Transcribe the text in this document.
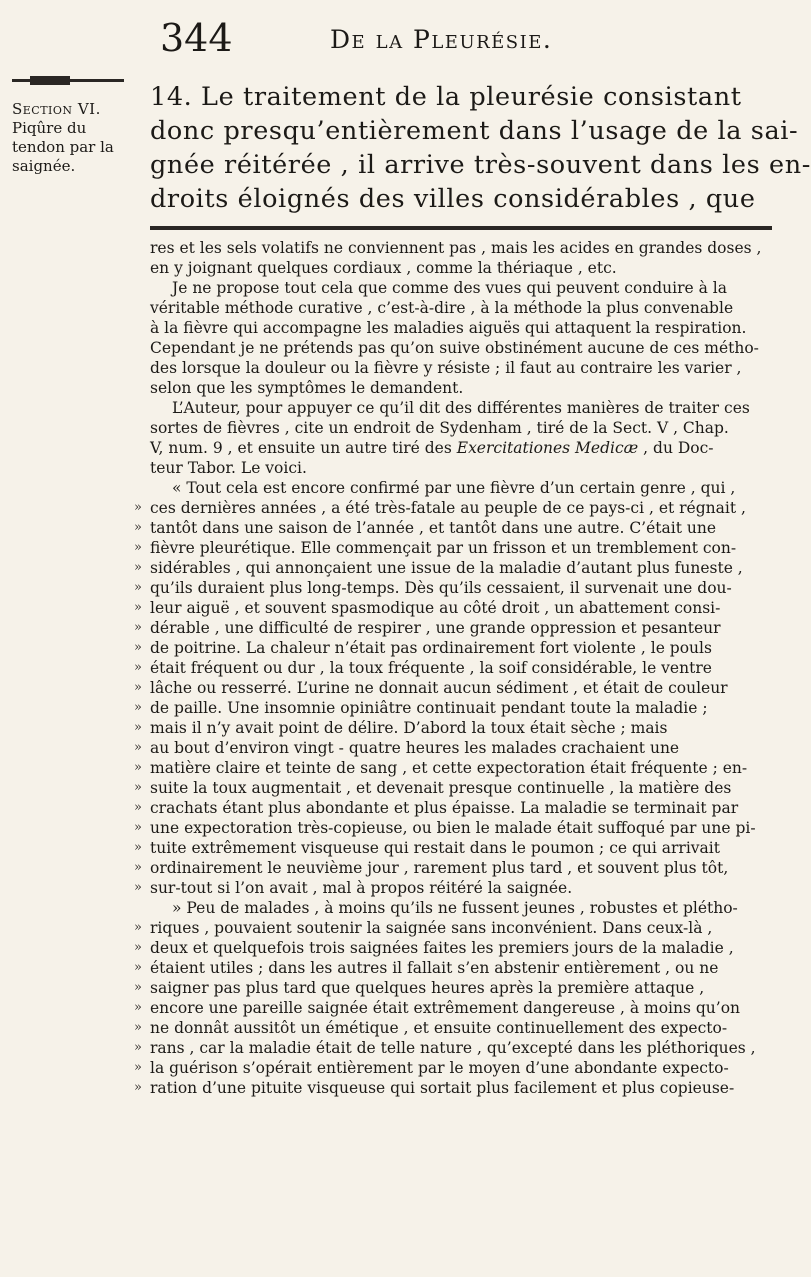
344	De la Pleurésie.
Section VI.
Piqûre du
tendon par la
saignée.
14. Le traitement de la pleurésie consistant
donc presqu’entièrement dans l’usage de la sai-
gnée réitérée , il arrive très-souvent dans les en-
droits éloignés des villes considérables , que
res et les sels volatifs ne conviennent pas , mais les acides en grandes doses ,
en y joignant quelques cordiaux , comme la thériaque , etc.
Je ne propose tout cela que comme des vues qui peuvent conduire à la
véritable méthode curative , c’est-à-dire , à la méthode la plus convenable
à la fièvre qui accompagne les maladies aiguës qui attaquent la respiration.
Cependant je ne prétends pas qu’on suive obstinément aucune de ces métho-
des lorsque la douleur ou la fièvre y résiste ; il faut au contraire les varier ,
selon que les symptômes le demandent.
L’Auteur, pour appuyer ce qu’il dit des différentes manières de traiter ces
sortes de fièvres , cite un endroit de Sydenham , tiré de la Sect. V , Chap.
V, num. 9 , et ensuite un autre tiré des Exercitationes Medicæ , du Doc-
teur Tabor. Le voici.
« Tout cela est encore confirmé par une fièvre d’un certain genre , qui ,
» ces dernières années , a été très-fatale au peuple de ce pays-ci , et régnait ,
» tantôt dans une saison de l’année , et tantôt dans une autre. C’était une
» fièvre pleurétique. Elle commençait par un frisson et un tremblement con-
» sidérables , qui annonçaient une issue de la maladie d’autant plus funeste ,
» qu’ils duraient plus long-temps. Dès qu’ils cessaient, il survenait une dou-
» leur aiguë , et souvent spasmodique au côté droit , un abattement consi-
» dérable , une difficulté de respirer , une grande oppression et pesanteur
» de poitrine. La chaleur n’était pas ordinairement fort violente , le pouls
» était fréquent ou dur , la toux fréquente , la soif considérable, le ventre
» lâche ou resserré. L’urine ne donnait aucun sédiment , et était de couleur
» de paille. Une insomnie opiniâtre continuait pendant toute la maladie ;
» mais il n’y avait point de délire. D’abord la toux était sèche ; mais
» au bout d’environ vingt - quatre heures les malades crachaient une
» matière claire et teinte de sang , et cette expectoration était fréquente ; en-
» suite la toux augmentait , et devenait presque continuelle , la matière des
» crachats étant plus abondante et plus épaisse. La maladie se terminait par
» une expectoration très-copieuse, ou bien le malade était suffoqué par une pi-
» tuite extrêmement visqueuse qui restait dans le poumon ; ce qui arrivait
» ordinairement le neuvième jour , rarement plus tard , et souvent plus tôt,
» sur-tout si l’on avait , mal à propos réitéré la saignée.
» Peu de malades , à moins qu’ils ne fussent jeunes , robustes et plétho-
» riques , pouvaient soutenir la saignée sans inconvénient. Dans ceux-là ,
» deux et quelquefois trois saignées faites les premiers jours de la maladie ,
» étaient utiles ; dans les autres il fallait s’en abstenir entièrement , ou ne
» saigner pas plus tard que quelques heures après la première attaque ,
» encore une pareille saignée était extrêmement dangereuse , à moins qu’on
» ne donnât aussitôt un émétique , et ensuite continuellement des expecto-
» rans , car la maladie était de telle nature , qu’excepté dans les pléthoriques ,
» la guérison s’opérait entièrement par le moyen d’une abondante expecto-
» ration d’une pituite visqueuse qui sortait plus facilement et plus copieuse-
